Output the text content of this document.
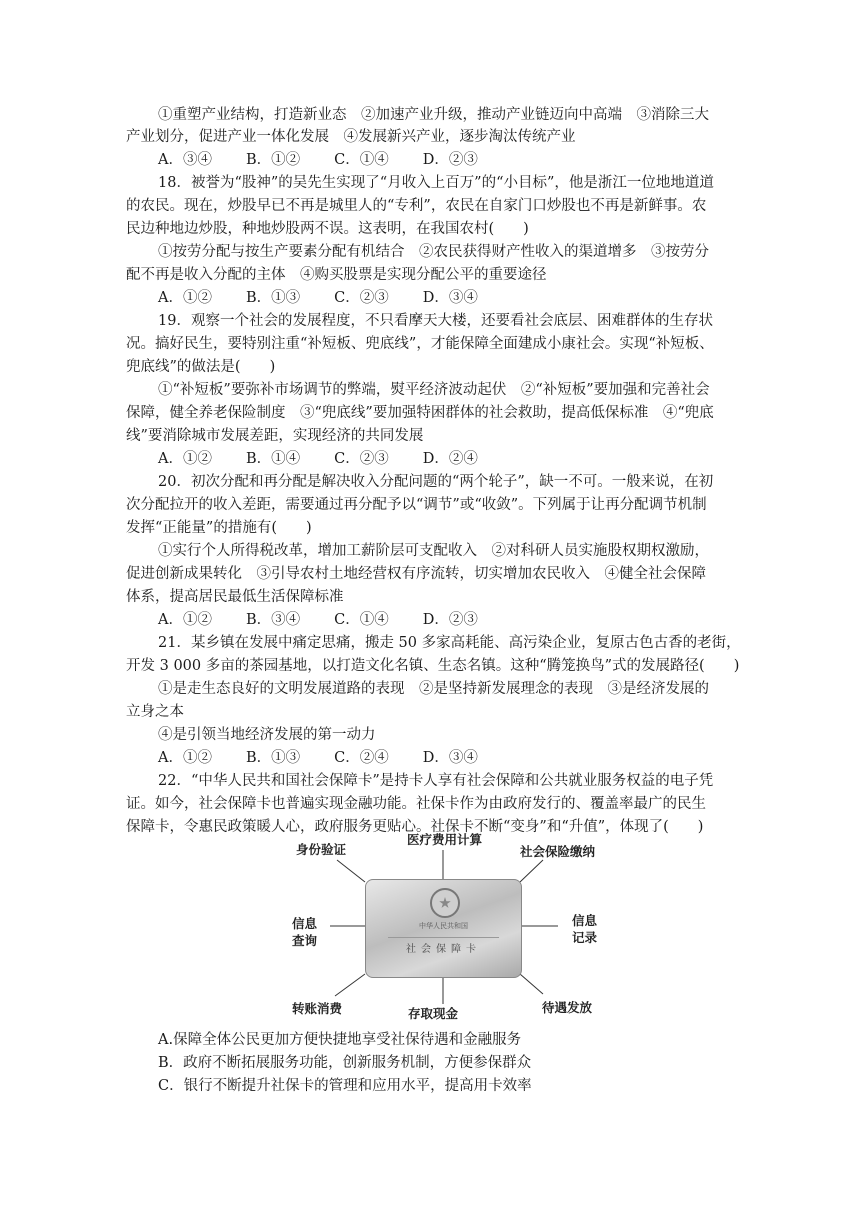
①重塑产业结构，打造新业态　②加速产业升级，推动产业链迈向中高端　③消除三大
产业划分，促进产业一体化发展　④发展新兴产业，逐步淘汰传统产业
A．③④ B．①② C．①④ D．②③
18．被誉为“股神”的吴先生实现了“月收入上百万”的“小目标”，他是浙江一位地地道道
的农民。现在，炒股早已不再是城里人的“专利”，农民在自家门口炒股也不再是新鲜事。农
民边种地边炒股，种地炒股两不误。这表明，在我国农村(　　)
①按劳分配与按生产要素分配有机结合　②农民获得财产性收入的渠道增多　③按劳分
配不再是收入分配的主体　④购买股票是实现分配公平的重要途径
A．①② B．①③ C．②③ D．③④
19．观察一个社会的发展程度，不只看摩天大楼，还要看社会底层、困难群体的生存状
况。搞好民生，要特别注重“补短板、兜底线”，才能保障全面建成小康社会。实现“补短板、
兜底线”的做法是(　　)
①“补短板”要弥补市场调节的弊端，熨平经济波动起伏　②“补短板”要加强和完善社会
保障，健全养老保险制度　③“兜底线”要加强特困群体的社会救助，提高低保标准　④“兜底
线”要消除城市发展差距，实现经济的共同发展
A．①② B．①④ C．②③ D．②④
20．初次分配和再分配是解决收入分配问题的“两个轮子”，缺一不可。一般来说，在初
次分配拉开的收入差距，需要通过再分配予以“调节”或“收敛”。下列属于让再分配调节机制
发挥“正能量”的措施有(　　)
①实行个人所得税改革，增加工薪阶层可支配收入　②对科研人员实施股权期权激励，
促进创新成果转化　③引导农村土地经营权有序流转，切实增加农民收入　④健全社会保障
体系，提高居民最低生活保障标准
A．①② B．③④ C．①④ D．②③
21．某乡镇在发展中痛定思痛，搬走 50 多家高耗能、高污染企业，复原古色古香的老街，
开发 3 000 多亩的茶园基地，以打造文化名镇、生态名镇。这种“腾笼换鸟”式的发展路径(　　)
①是走生态良好的文明发展道路的表现　②是坚持新发展理念的表现　③是经济发展的
立身之本
④是引领当地经济发展的第一动力
A．①② B．①③ C．②④ D．③④
22．“中华人民共和国社会保障卡”是持卡人享有社会保障和公共就业服务权益的电子凭
证。如今，社会保障卡也普遍实现金融功能。社保卡作为由政府发行的、覆盖率最广的民生
保障卡，令惠民政策暖人心，政府服务更贴心。社保卡不断“变身”和“升值”，体现了(　　)
身份验证
医疗费用计算
社会保险缴纳
信息
查询
信息
记录
转账消费	存取现金	待遇发放
中华人民共和国
社会保障卡
A.保障全体公民更加方便快捷地享受社保待遇和金融服务
B．政府不断拓展服务功能，创新服务机制，方便参保群众
C．银行不断提升社保卡的管理和应用水平，提高用卡效率
